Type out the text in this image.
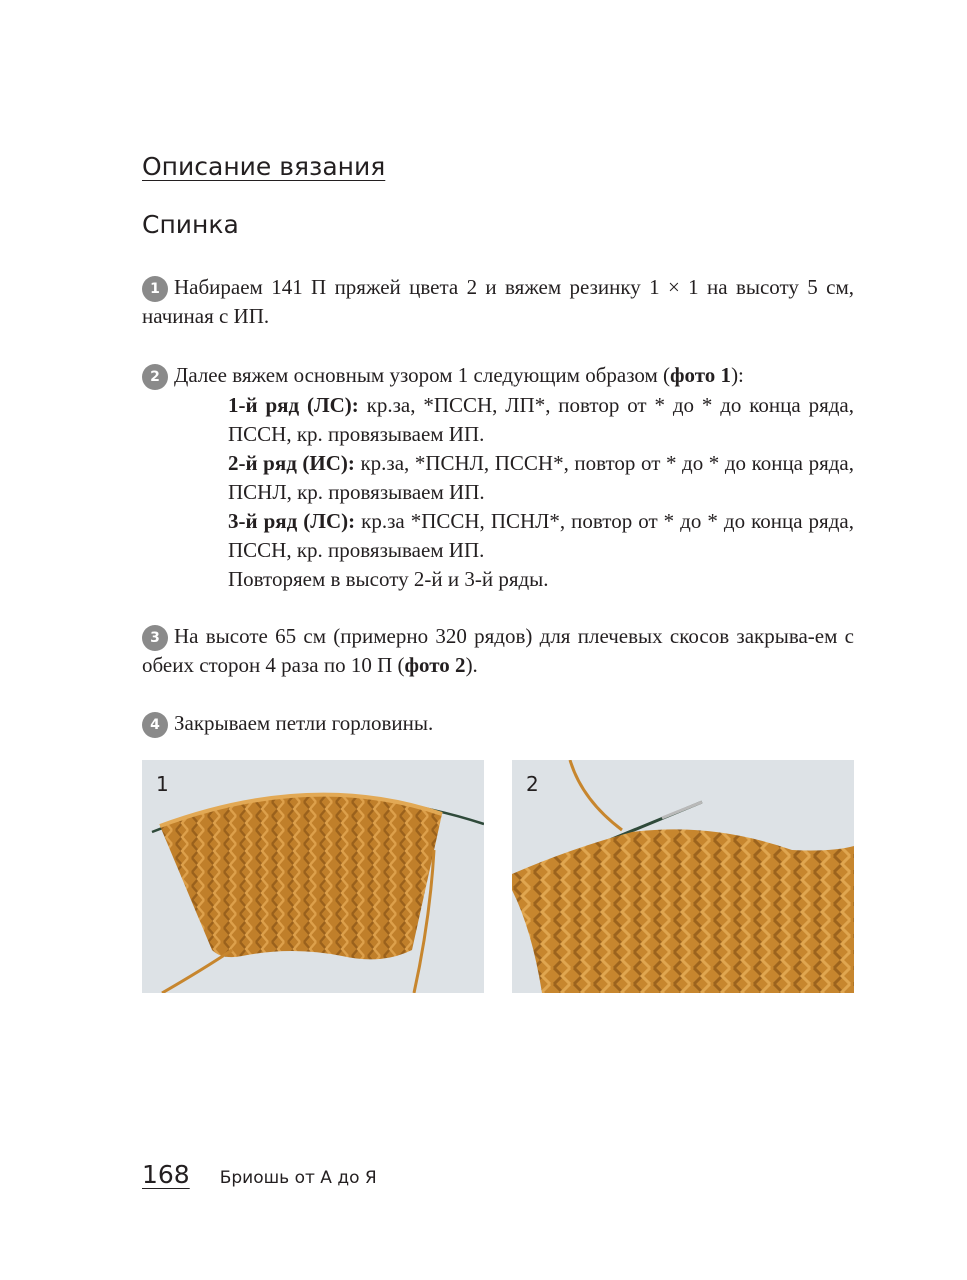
Описание вязания
Спинка
1 Набираем 141 П пряжей цвета 2 и вяжем резинку 1 × 1 на высоту 5 см, начиная с ИП.
2 Далее вяжем основным узором 1 следующим образом (фото 1):
1-й ряд (ЛС): кр.за, *ПССН, ЛП*, повтор от * до * до конца ряда, ПССН, кр. провязываем ИП.
2-й ряд (ИС): кр.за, *ПСНЛ, ПССН*, повтор от * до * до конца ряда, ПСНЛ, кр. провязываем ИП.
3-й ряд (ЛС): кр.за *ПССН, ПСНЛ*, повтор от * до * до конца ряда, ПССН, кр. провязываем ИП.
Повторяем в высоту 2-й и 3-й ряды.
3 На высоте 65 см (примерно 320 рядов) для плечевых скосов закрыва-ем с обеих сторон 4 раза по 10 П (фото 2).
4 Закрываем петли горловины.
1	2
168 Бриошь от А до Я
